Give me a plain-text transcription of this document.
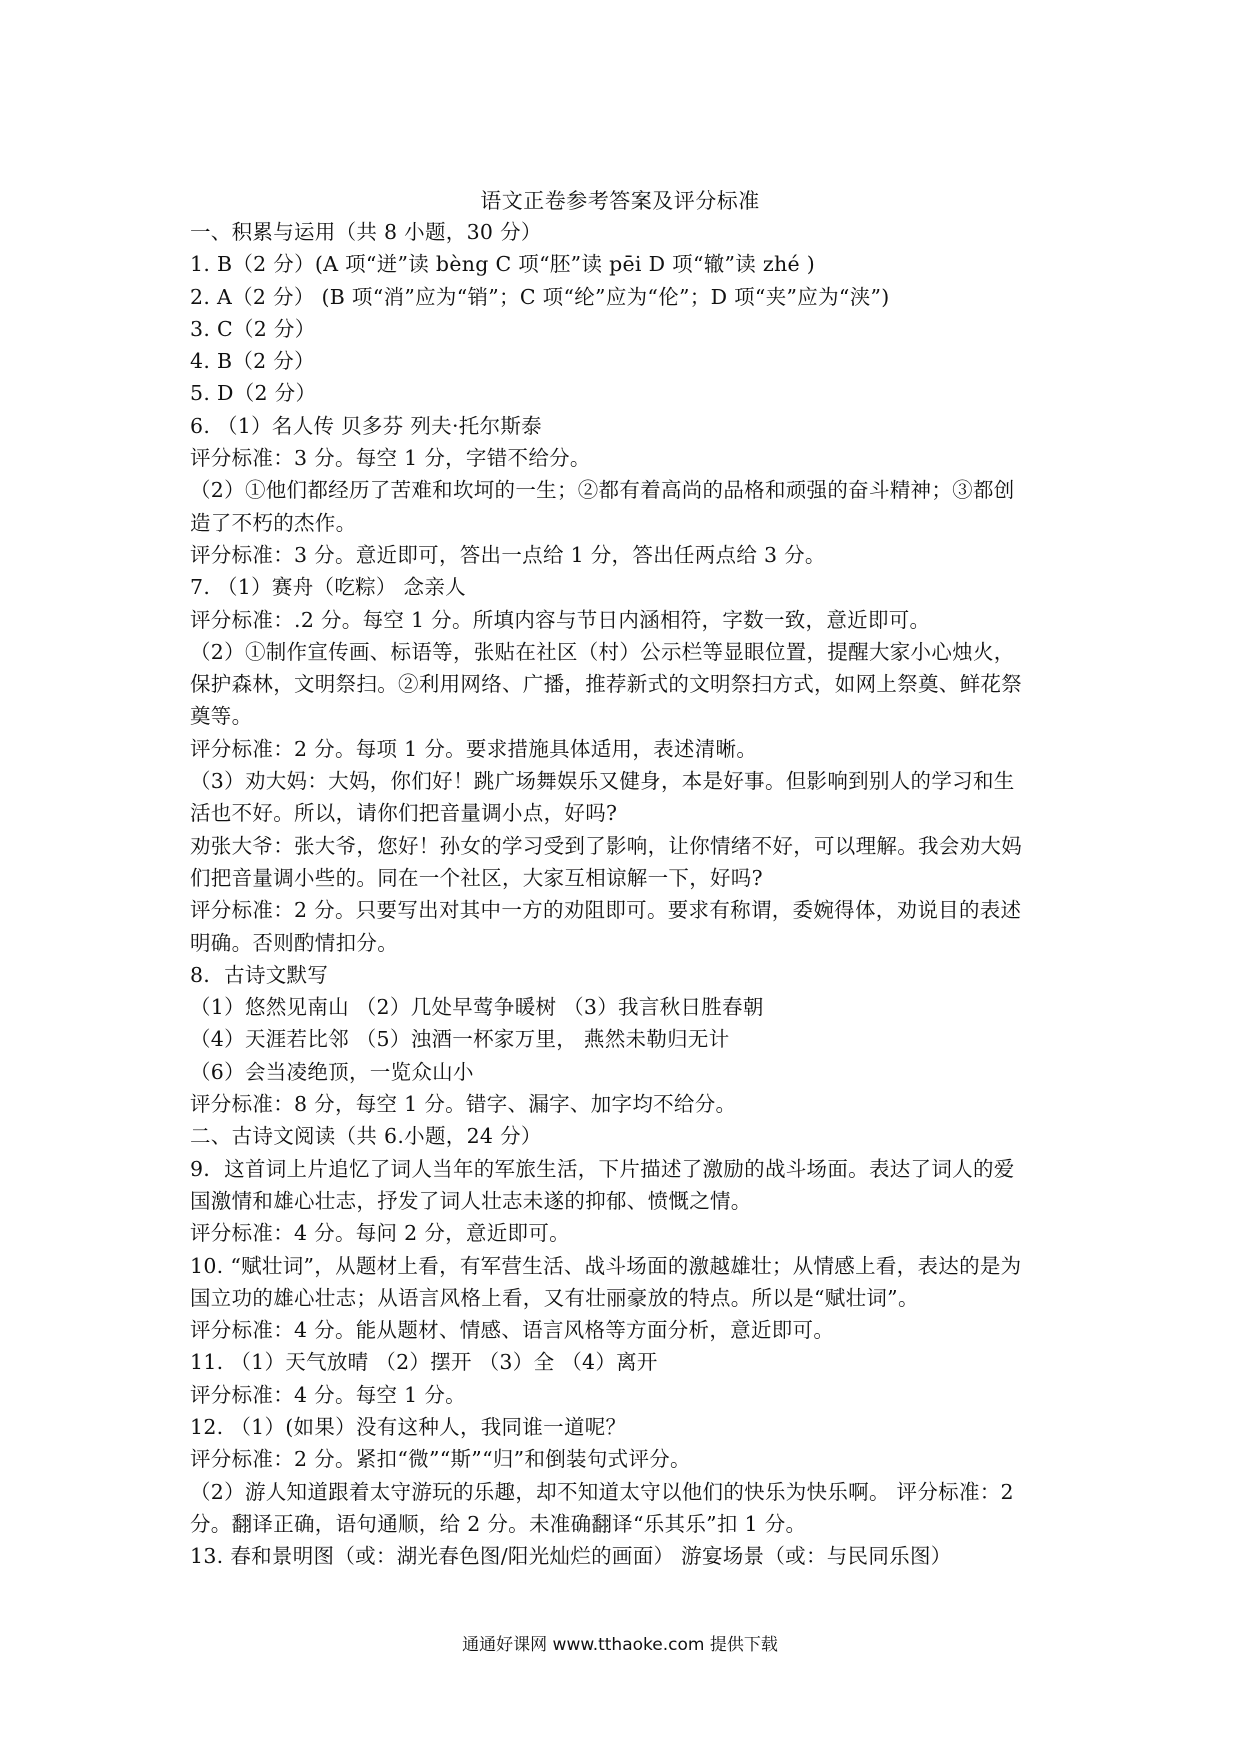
语文正卷参考答案及评分标准
一、积累与运用（共 8 小题，30 分）
1. B（2 分）(A 项“迸”读 bèng C 项“胚”读 pēi D 项“辙”读 zhé )
2. A（2 分） (B 项“消”应为“销”；C 项“纶”应为“伦”；D 项“夹”应为“浃”)
3. C（2 分）
4. B（2 分）
5. D（2 分）
6. （1）名人传 贝多芬 列夫·托尔斯泰
评分标准：3 分。每空 1 分，字错不给分。
（2）①他们都经历了苦难和坎坷的一生；②都有着高尚的品格和顽强的奋斗精神；③都创
造了不朽的杰作。
评分标准：3 分。意近即可，答出一点给 1 分，答出任两点给 3 分。
7. （1）赛舟（吃粽） 念亲人
评分标准：.2 分。每空 1 分。所填内容与节日内涵相符，字数一致，意近即可。
（2）①制作宣传画、标语等，张贴在社区（村）公示栏等显眼位置，提醒大家小心烛火，
保护森林，文明祭扫。②利用网络、广播，推荐新式的文明祭扫方式，如网上祭奠、鲜花祭
奠等。
评分标准：2 分。每项 1 分。要求措施具体适用，表述清晰。
（3）劝大妈：大妈，你们好！跳广场舞娱乐又健身，本是好事。但影响到别人的学习和生
活也不好。所以，请你们把音量调小点，好吗?
劝张大爷：张大爷，您好！孙女的学习受到了影响，让你情绪不好，可以理解。我会劝大妈
们把音量调小些的。同在一个社区，大家互相谅解一下，好吗?
评分标准：2 分。只要写出对其中一方的劝阻即可。要求有称谓，委婉得体，劝说目的表述
明确。否则酌情扣分。
8．古诗文默写
（1）悠然见南山 （2）几处早莺争暖树 （3）我言秋日胜春朝
（4）天涯若比邻 （5）浊酒一杯家万里， 燕然未勒归无计
（6）会当凌绝顶，一览众山小
评分标准：8 分，每空 1 分。错字、漏字、加字均不给分。
二、古诗文阅读（共 6.小题，24 分）
9．这首词上片追忆了词人当年的军旅生活，下片描述了激励的战斗场面。表达了词人的爱
国激情和雄心壮志，抒发了词人壮志未遂的抑郁、愤慨之情。
评分标准：4 分。每问 2 分，意近即可。
10. “赋壮词”，从题材上看，有军营生活、战斗场面的激越雄壮；从情感上看，表达的是为
国立功的雄心壮志；从语言风格上看，又有壮丽豪放的特点。所以是“赋壮词”。
评分标准：4 分。能从题材、情感、语言风格等方面分析，意近即可。
11. （1）天气放晴 （2）摆开 （3）全 （4）离开
评分标准：4 分。每空 1 分。
12. （1）(如果）没有这种人，我同谁一道呢？
评分标准：2 分。紧扣“微”“斯”“归”和倒装句式评分。
（2）游人知道跟着太守游玩的乐趣，却不知道太守以他们的快乐为快乐啊。 评分标准：2
分。翻译正确，语句通顺，给 2 分。未准确翻译“乐其乐”扣 1 分。
13. 春和景明图（或：湖光春色图/阳光灿烂的画面） 游宴场景（或：与民同乐图）
通通好课网 www.tthaoke.com 提供下载
